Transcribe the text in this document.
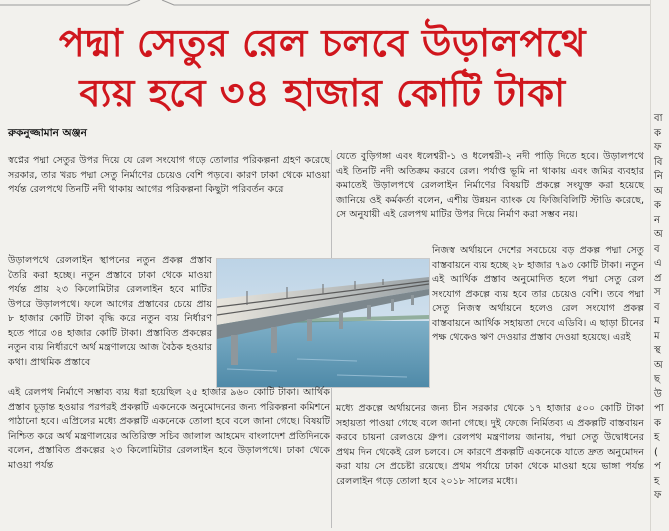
পদ্মা সেতুর রেল চলবে উড়ালপথে
ব্যয় হবে ৩৪ হাজার কোটি টাকা
রুকনুজ্জামান অঞ্জন

স্বপ্নের পদ্মা সেতুর উপর দিয়ে যে রেল সংযোগ গড়ে তোলার পরিকল্পনা গ্রহণ করেছে সরকার, তার খরচ পদ্মা সেতু নির্মাণের চেয়েও বেশি পড়বে। কারণ ঢাকা থেকে মাওয়া পর্যন্ত রেলপথে তিনটি নদী থাকায় আগের পরিকল্পনা কিছুটা পরিবর্তন করে

উড়ালপথে রেললাইন স্থাপনের নতুন প্রকল্প প্রস্তাব তৈরি করা হচ্ছে। নতুন প্রস্তাবে ঢাকা থেকে মাওয়া পর্যন্ত প্রায় ২৩ কিলোমিটার রেললাইন হবে মাটির উপরে উড়ালপথে। ফলে আগের প্রস্তাবের চেয়ে প্রায় ৮ হাজার কোটি টাকা বৃদ্ধি করে নতুন ব্যয় নির্ধারণ হতে পারে ৩৪ হাজার কোটি টাকা। প্রস্তাবিত প্রকল্পের নতুন ব্যয় নির্ধারণে অর্থ মন্ত্রণালয়ে আজ বৈঠক হওয়ার কথা। প্রাথমিক প্রস্তাবে

এই রেলপথ নির্মাণে সম্ভাব্য ব্যয় ধরা হয়েছিল ২৫ হাজার ৯৬০ কোটি টাকা। আর্থিক প্রস্তাব চূড়ান্ত হওয়ার পরপরই প্রকল্পটি একনেকে অনুমোদনের জন্য পরিকল্পনা কমিশনে পাঠানো হবে। এপ্রিলের মধ্যে প্রকল্পটি একনেকে তোলা হবে বলে জানা গেছে। বিষয়টি নিশ্চিত করে অর্থ মন্ত্রণালয়ের অতিরিক্ত সচিব জালাল আহমেদ বাংলাদেশ প্রতিদিনকে বলেন, প্রস্তাবিত প্রকল্পের ২৩ কিলোমিটার রেললাইন হবে উড়ালপথে। ঢাকা থেকে মাওয়া পর্যন্ত

যেতে বুড়িগঙ্গা এবং ধলেশ্বরী-১ ও ধলেশ্বরী-২ নদী পাড়ি দিতে হবে। উড়ালপথে এই তিনটি নদী অতিক্রম করবে রেল। পর্যাপ্ত ভূমি না থাকায় এবং জমির ব্যবহার কমাতেই উড়ালপথে রেললাইন নির্মাণের বিষয়টি প্রকল্পে সংযুক্ত করা হয়েছে জানিয়ে ওই কর্মকর্তা বলেন, এশীয় উন্নয়ন ব্যাংক যে ফিজিবিলিটি স্টাডি করেছে, সে অনুযায়ী এই রেলপথ মাটির উপর দিয়ে নির্মাণ করা সম্ভব নয়।

নিজস্ব অর্থায়নে দেশের সবচেয়ে বড় প্রকল্প পদ্মা সেতু বাস্তবায়নে ব্যয় হচ্ছে ২৮ হাজার ৭৯৩ কোটি টাকা। নতুন এই আর্থিক প্রস্তাব অনুমোদিত হলে পদ্মা সেতু রেল সংযোগ প্রকল্পে ব্যয় হবে তার চেয়েও বেশি। তবে পদ্মা সেতু নিজস্ব অর্থায়নে হলেও রেল সংযোগ প্রকল্প বাস্তবায়নে আর্থিক সহায়তা দেবে এডিবি। এ ছাড়া চীনের পক্ষ থেকেও ঋণ দেওয়ার প্রস্তাব দেওয়া হয়েছে। এরই

মধ্যে প্রকল্পে অর্থায়নের জন্য চীন সরকার থেকে ১৭ হাজার ৫০০ কোটি টাকা সহায়তা পাওয়া গেছে বলে জানা গেছে। দুই ফেজে নির্মিতব্য এ প্রকল্পটি বাস্তবায়ন করবে চায়না রেলওয়ে গ্রুপ। রেলপথ মন্ত্রণালয় জানায়, পদ্মা সেতু উদ্বোধনের প্রথম দিন থেকেই রেল চলবে। সে কারণে প্রকল্পটি একনেকে যাতে দ্রুত অনুমোদন করা যায় সে প্রচেষ্টা রয়েছে। প্রথম পর্যায়ে ঢাকা থেকে মাওয়া হয়ে ভাঙ্গা পর্যন্ত রেললাইন গড়ে তোলা হবে ২০১৮ সালের মধ্যে।

বা
ক
ফ
বি
নি
অ
ক
ন
অ
ব
এ
প্র
স
ব
ম
ম
স্থ
অ
ছ
উ
পা
ক
হ
(
প
হ
ফ
